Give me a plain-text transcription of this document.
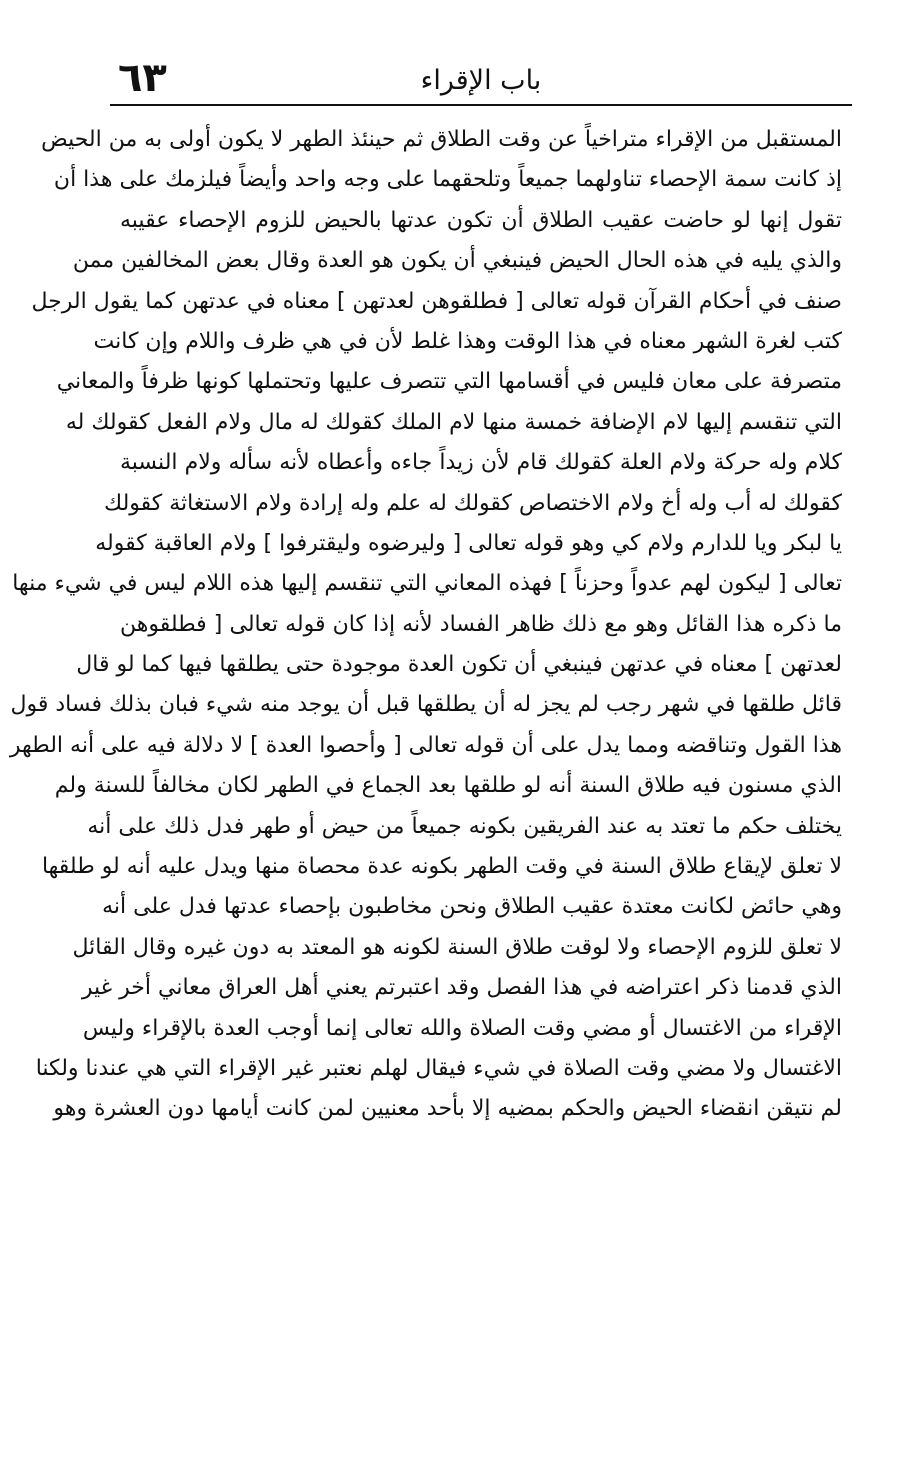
٦٣	باب الإقراء
المستقبل من الإقراء متراخياً عن وقت الطلاق ثم حينئذ الطهر لا يكون أولى به من الحيض
إذ كانت سمة الإحصاء تناولهما جميعاً وتلحقهما على وجه واحد وأيضاً فيلزمك على هذا أن
تقول إنها لو حاضت عقيب الطلاق أن تكون عدتها بالحيض للزوم الإحصاء عقيبه
والذي يليه في هذه الحال الحيض فينبغي أن يكون هو العدة وقال بعض المخالفين ممن
صنف في أحكام القرآن قوله تعالى [ فطلقوهن لعدتهن ] معناه في عدتهن كما يقول الرجل
كتب لغرة الشهر معناه في هذا الوقت وهذا غلط لأن في هي ظرف واللام وإن كانت
متصرفة على معان فليس في أقسامها التي تتصرف عليها وتحتملها كونها ظرفاً والمعاني
التي تنقسم إليها لام الإضافة خمسة منها لام الملك كقولك له مال ولام الفعل كقولك له
كلام وله حركة ولام العلة كقولك قام لأن زيداً جاءه وأعطاه لأنه سأله ولام النسبة
كقولك له أب وله أخ ولام الاختصاص كقولك له علم وله إرادة ولام الاستغاثة كقولك
يا لبكر ويا للدارم ولام كي وهو قوله تعالى [ وليرضوه وليقترفوا ] ولام العاقبة كقوله
تعالى [ ليكون لهم عدواً وحزناً ] فهذه المعاني التي تنقسم إليها هذه اللام ليس في شيء منها
ما ذكره هذا القائل وهو مع ذلك ظاهر الفساد لأنه إذا كان قوله تعالى [ فطلقوهن
لعدتهن ] معناه في عدتهن فينبغي أن تكون العدة موجودة حتى يطلقها فيها كما لو قال
قائل طلقها في شهر رجب لم يجز له أن يطلقها قبل أن يوجد منه شيء فبان بذلك فساد قول
هذا القول وتناقضه ومما يدل على أن قوله تعالى [ وأحصوا العدة ] لا دلالة فيه على أنه الطهر
الذي مسنون فيه طلاق السنة أنه لو طلقها بعد الجماع في الطهر لكان مخالفاً للسنة ولم
يختلف حكم ما تعتد به عند الفريقين بكونه جميعاً من حيض أو طهر فدل ذلك على أنه
لا تعلق لإيقاع طلاق السنة في وقت الطهر بكونه عدة محصاة منها ويدل عليه أنه لو طلقها
وهي حائض لكانت معتدة عقيب الطلاق ونحن مخاطبون بإحصاء عدتها فدل على أنه
لا تعلق للزوم الإحصاء ولا لوقت طلاق السنة لكونه هو المعتد به دون غيره وقال القائل
الذي قدمنا ذكر اعتراضه في هذا الفصل وقد اعتبرتم يعني أهل العراق معاني أخر غير
الإقراء من الاغتسال أو مضي وقت الصلاة والله تعالى إنما أوجب العدة بالإقراء وليس
الاغتسال ولا مضي وقت الصلاة في شيء فيقال لهلم نعتبر غير الإقراء التي هي عندنا ولكنا
لم نتيقن انقضاء الحيض والحكم بمضيه إلا بأحد معنيين لمن كانت أيامها دون العشرة وهو
